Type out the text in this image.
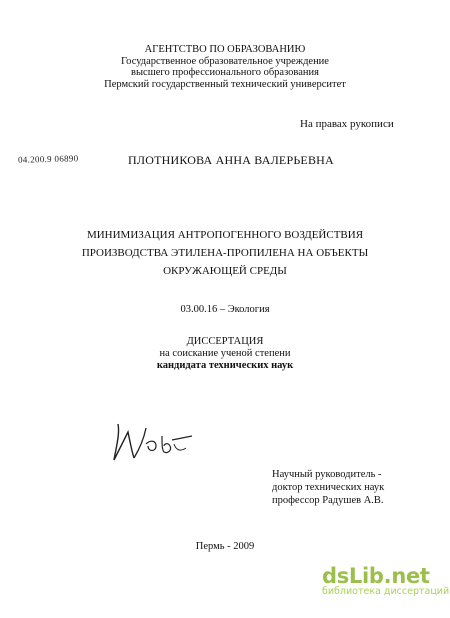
АГЕНТСТВО ПО ОБРАЗОВАНИЮ
Государственное образовательное учреждение
высшего профессионального образования
Пермский государственный технический университет
На правах рукописи
04.200.9 06890	ПЛОТНИКОВА АННА ВАЛЕРЬЕВНА
МИНИМИЗАЦИЯ АНТРОПОГЕННОГО ВОЗДЕЙСТВИЯ
ПРОИЗВОДСТВА ЭТИЛЕНА-ПРОПИЛЕНА НА ОБЪЕКТЫ
ОКРУЖАЮЩЕЙ СРЕДЫ
03.00.16 – Экология
ДИССЕРТАЦИЯ
на соискание ученой степени
кандидата технических наук
Научный руководитель -
доктор технических наук
профессор Радушев А.В.
Пермь - 2009
dsLib.net
библиотека диссертаций
